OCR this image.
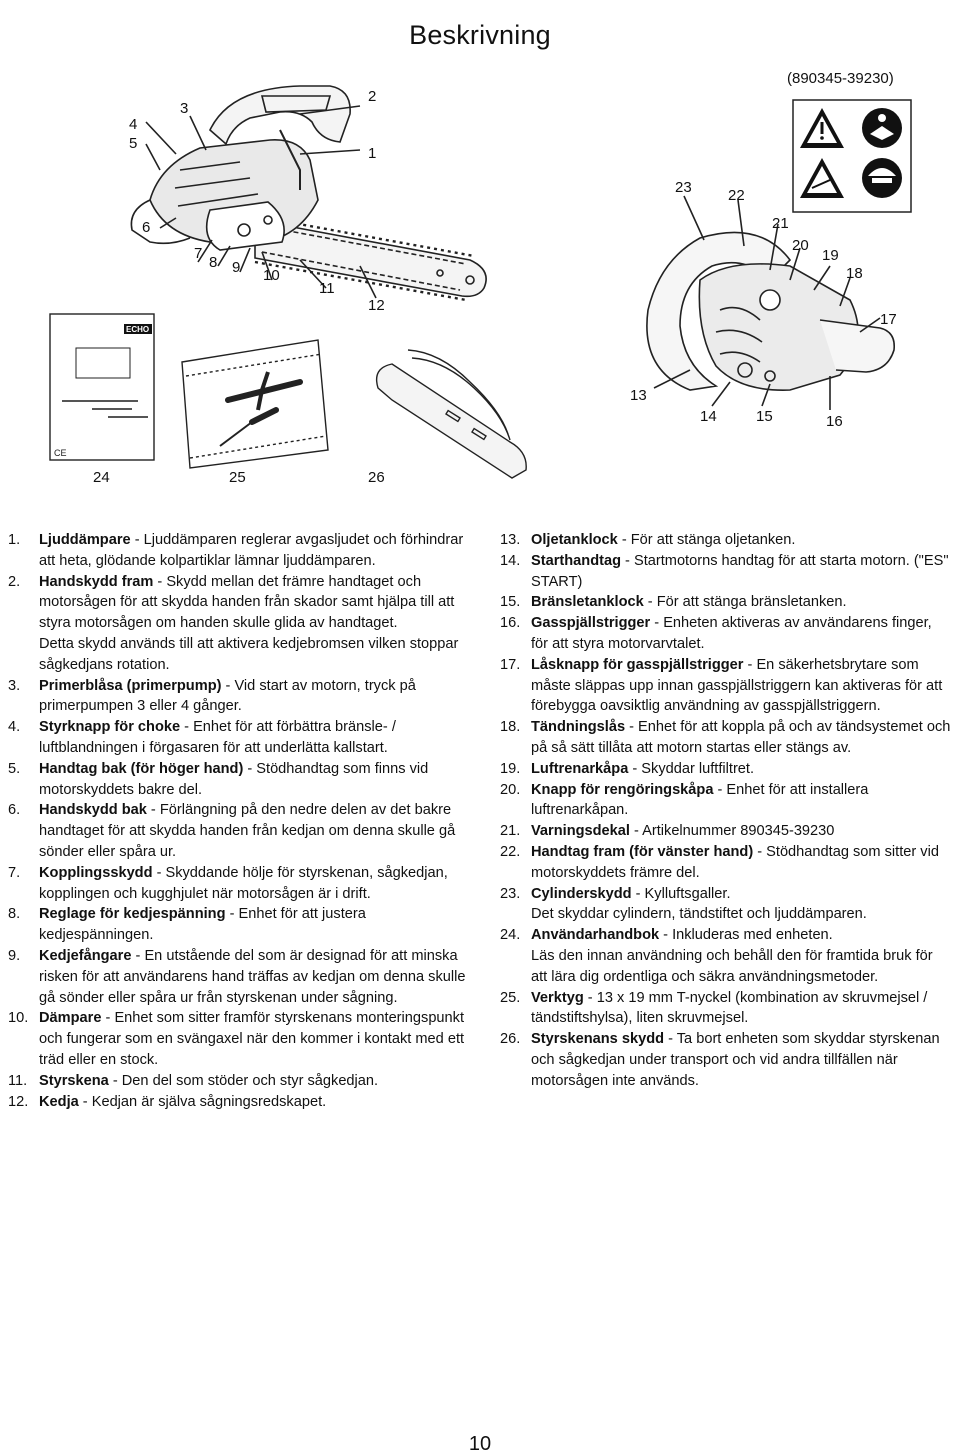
Beskrivning
CE
ECHO
(890345-39230)
1
2
3
4
5
6
7
8 9 10
11
12
13
14	15	16
17
18
19
20
21
22
23
24	25	26
1.	Ljuddämpare - Ljuddämparen reglerar avgasljudet och förhindrar att heta, glödande kolpartiklar lämnar ljuddämparen.
2.	Handskydd fram - Skydd mellan det främre handtaget och motorsågen för att skydda handen från skador samt hjälpa till att styra motorsågen om handen skulle glida av handtaget.
Detta skydd används till att aktivera kedjebromsen vilken stoppar sågkedjans rotation.
3.	Primerblåsa (primerpump) - Vid start av motorn, tryck på primerpumpen 3 eller 4 gånger.
4.	Styrknapp för choke - Enhet för att förbättra bränsle- / luftblandningen i förgasaren för att underlätta kallstart.
5.	Handtag bak (för höger hand) - Stödhandtag som finns vid motorskyddets bakre del.
6.	Handskydd bak - Förlängning på den nedre delen av det bakre handtaget för att skydda handen från kedjan om denna skulle gå sönder eller spåra ur.
7.	Kopplingsskydd - Skyddande hölje för styrskenan, sågkedjan, kopplingen och kugghjulet när motorsågen är i drift.
8.	Reglage för kedjespänning - Enhet för att justera kedjespänningen.
9.	Kedjefångare - En utstående del som är designad för att minska risken för att användarens hand träffas av kedjan om denna skulle gå sönder eller spåra ur från styrskenan under sågning.
10. Dämpare - Enhet som sitter framför styrskenans monteringspunkt och fungerar som en svängaxel när den kommer i kontakt med ett träd eller en stock.
11. Styrskena - Den del som stöder och styr sågkedjan.
12. Kedja - Kedjan är själva sågningsredskapet.
13. Oljetanklock - För att stänga oljetanken.
14. Starthandtag - Startmotorns handtag för att starta motorn. ("ES" START)
15. Bränsletanklock - För att stänga bränsletanken.
16. Gasspjällstrigger - Enheten aktiveras av användarens finger, för att styra motorvarvtalet.
17. Låsknapp för gasspjällstrigger - En säkerhetsbrytare som måste släppas upp innan gasspjällstriggern kan aktiveras för att förebygga oavsiktlig användning av gasspjällstriggern.
18. Tändningslås - Enhet för att koppla på och av tändsystemet och på så sätt tillåta att motorn startas eller stängs av.
19. Luftrenarkåpa - Skyddar luftfiltret.
20. Knapp för rengöringskåpa - Enhet för att installera luftrenarkåpan.
21. Varningsdekal - Artikelnummer 890345-39230
22. Handtag fram (för vänster hand) - Stödhandtag som sitter vid motorskyddets främre del.
23. Cylinderskydd - Kylluftsgaller.
Det skyddar cylindern, tändstiftet och ljuddämparen.
24. Användarhandbok - Inkluderas med enheten.
Läs den innan användning och behåll den för framtida bruk för att lära dig ordentliga och säkra användningsmetoder.
25. Verktyg - 13 x 19 mm T-nyckel (kombination av skruvmejsel / tändstiftshylsa), liten skruvmejsel.
26. Styrskenans skydd - Ta bort enheten som skyddar styrskenan och sågkedjan under transport och vid andra tillfällen när motorsågen inte används.
10
